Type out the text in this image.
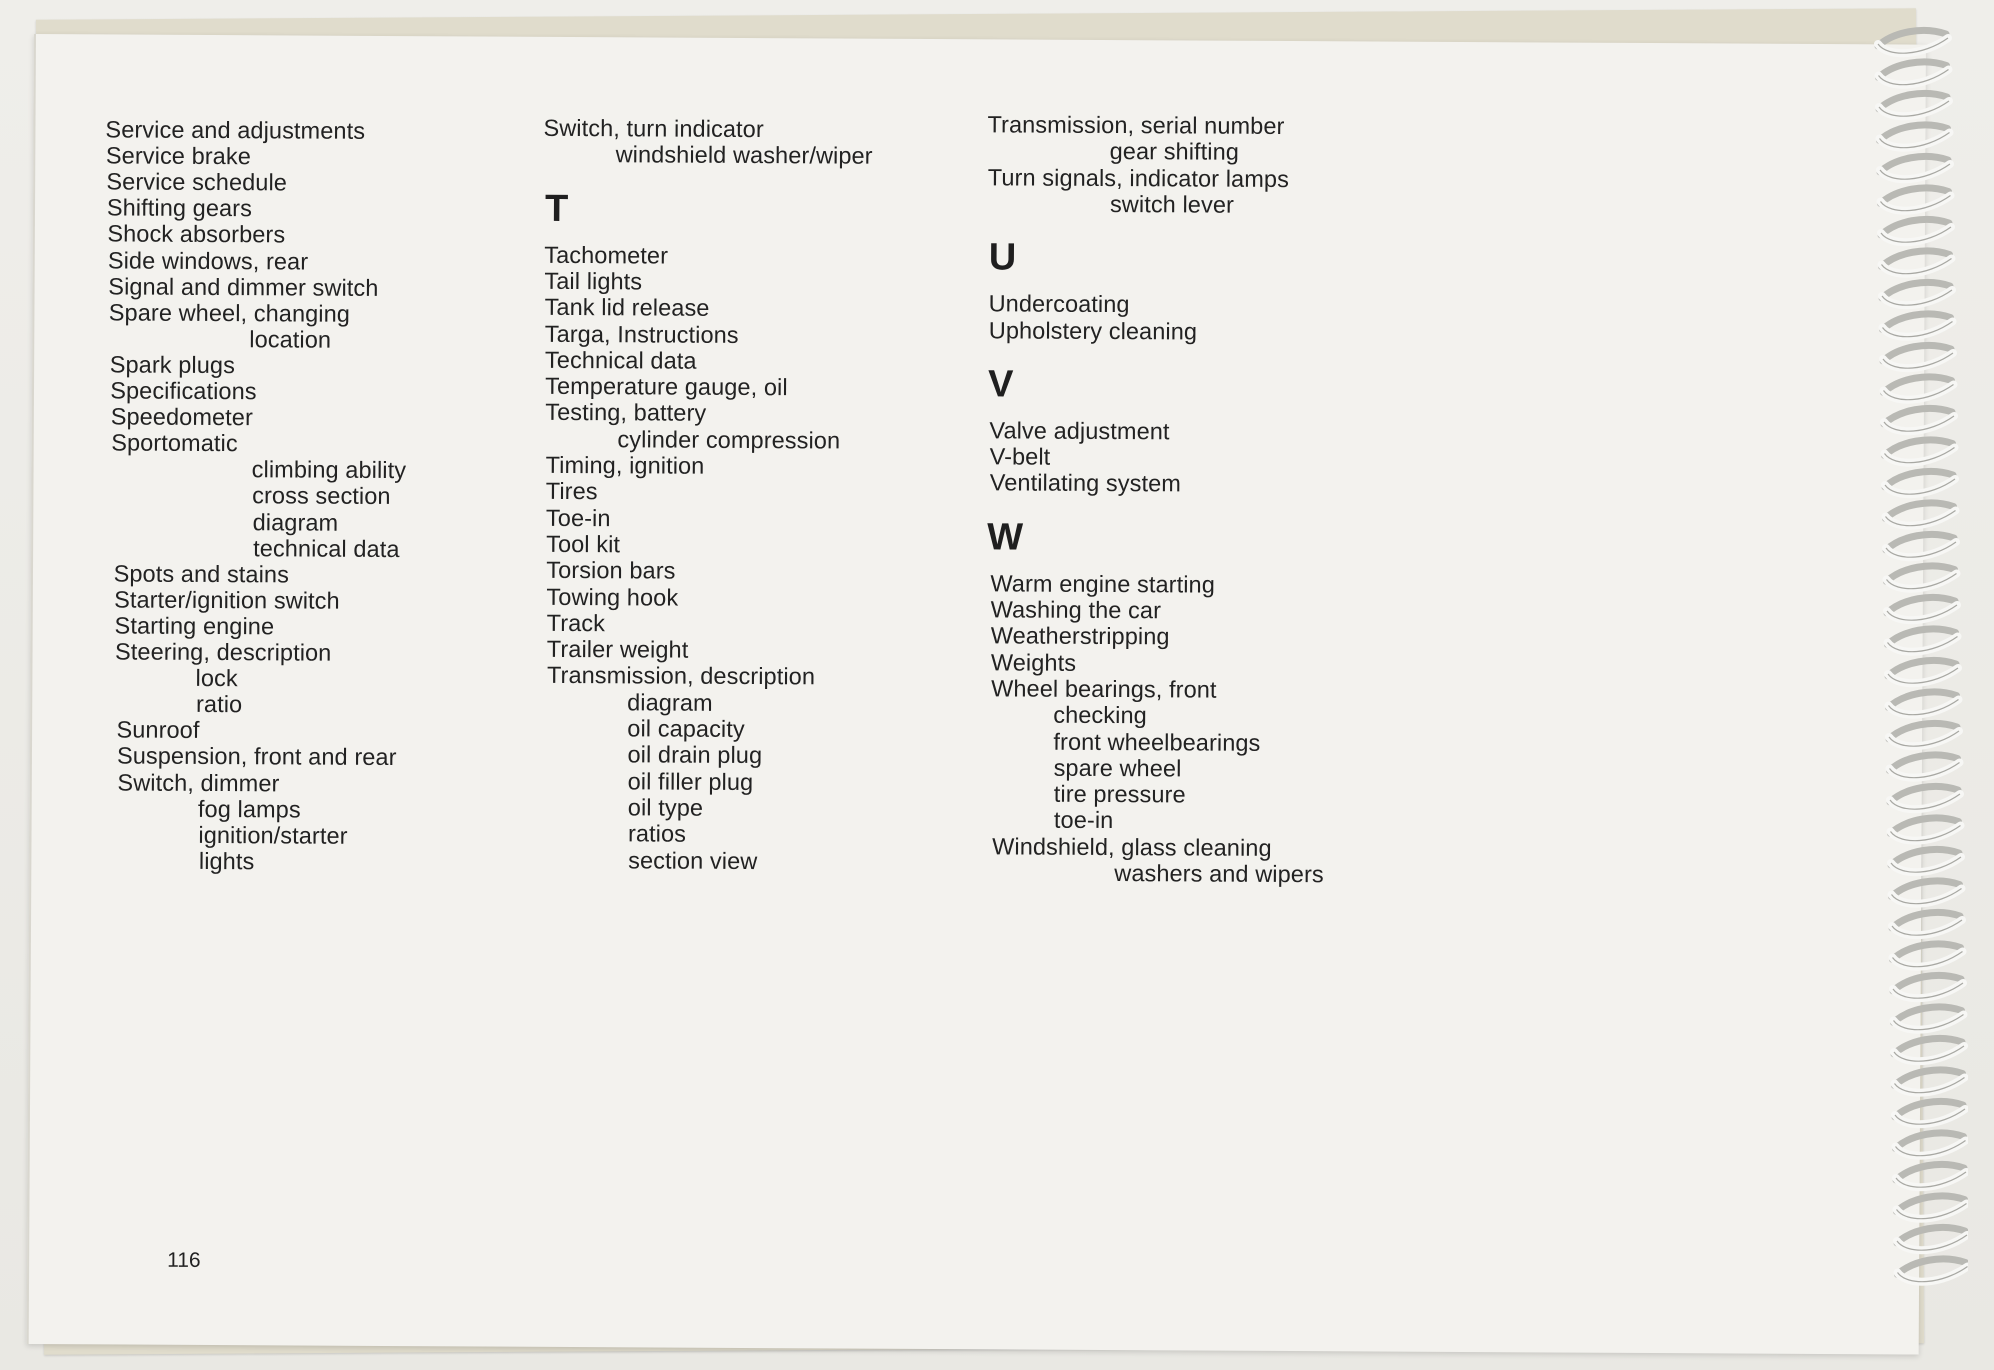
Service and adjustments
Service brake
Service schedule
Shifting gears
Shock absorbers
Side windows, rear
Signal and dimmer switch
Spare wheel, changing
location
Spark plugs
Specifications
Speedometer
Sportomatic
climbing ability
cross section
diagram
technical data
Spots and stains
Starter/ignition switch
Starting engine
Steering, description
lock
ratio
Sunroof
Suspension, front and rear
Switch, dimmer
fog lamps
ignition/starter
lights
Switch, turn indicator
windshield washer/wiper
T
Tachometer
Tail lights
Tank lid release
Targa, Instructions
Technical data
Temperature gauge, oil
Testing, battery
cylinder compression
Timing, ignition
Tires
Toe-in
Tool kit
Torsion bars
Towing hook
Track
Trailer weight
Transmission, description
diagram
oil capacity
oil drain plug
oil filler plug
oil type
ratios
section view
Transmission, serial number
gear shifting
Turn signals, indicator lamps
switch lever
U
Undercoating
Upholstery cleaning
V
Valve adjustment
V-belt
Ventilating system
W
Warm engine starting
Washing the car
Weatherstripping
Weights
Wheel bearings, front
checking
front wheelbearings
spare wheel
tire pressure
toe-in
Windshield, glass cleaning
washers and wipers
116
